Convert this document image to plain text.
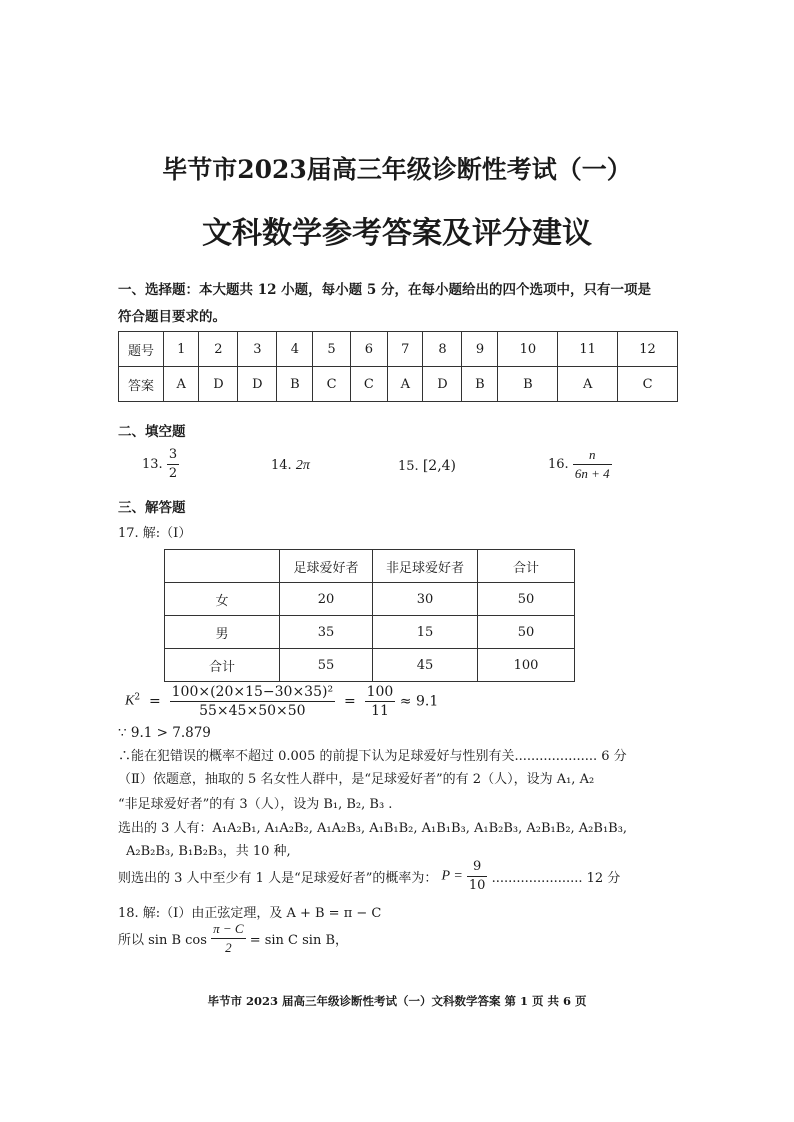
毕节市2023届高三年级诊断性考试（一）
文科数学参考答案及评分建议
一、选择题：本大题共 12 小题，每小题 5 分，在每小题给出的四个选项中，只有一项是
符合题目要求的。
题号	1	2	3	4	5	6	7	8	9	10	11	12
答案	A	D	D	B	C	C	A	D	B	B	A	C
二、填空题
13. $\frac{3}{2}$	14. 2π	15. [2,4)	16. $\frac{n}{6n + 4}$
三、解答题
17. 解:（Ⅰ）
	足球爱好者	非足球爱好者	合计
女	20	30	50
男	35	15	50
合计	55	45	100
$K^2 = \frac{\text{100×(20×15−30×35)²}}{55\times 45\times 50\times 50} = \frac{100}{11} \approx 9.1$
∵ 9.1 > 7.879
∴能在犯错误的概率不超过 0.005 的前提下认为足球爱好与性别有关.................... 6 分
（Ⅱ）依题意，抽取的 5 名女性人群中，是“足球爱好者”的有 2（人），设为 A₁, A₂
“非足球爱好者”的有 3（人），设为 B₁, B₂, B₃ .
选出的 3 人有：A₁A₂B₁, A₁A₂B₂, A₁A₂B₃, A₁B₁B₂, A₁B₁B₃, A₁B₂B₃, A₂B₁B₂, A₂B₁B₃,
A₂B₂B₃, B₁B₂B₃，共 10 种,
则选出的 3 人中至少有 1 人是“足球爱好者”的概率为： $P = \frac{9}{10}$ ...................... 12 分
18. 解:（Ⅰ）由正弦定理，及 A + B = π − C
所以 sin B $\cos \frac{\pi - C}{2} = \sin C$ sin B，
毕节市 2023 届高三年级诊断性考试（一）文科数学答案 第 1 页 共 6 页
